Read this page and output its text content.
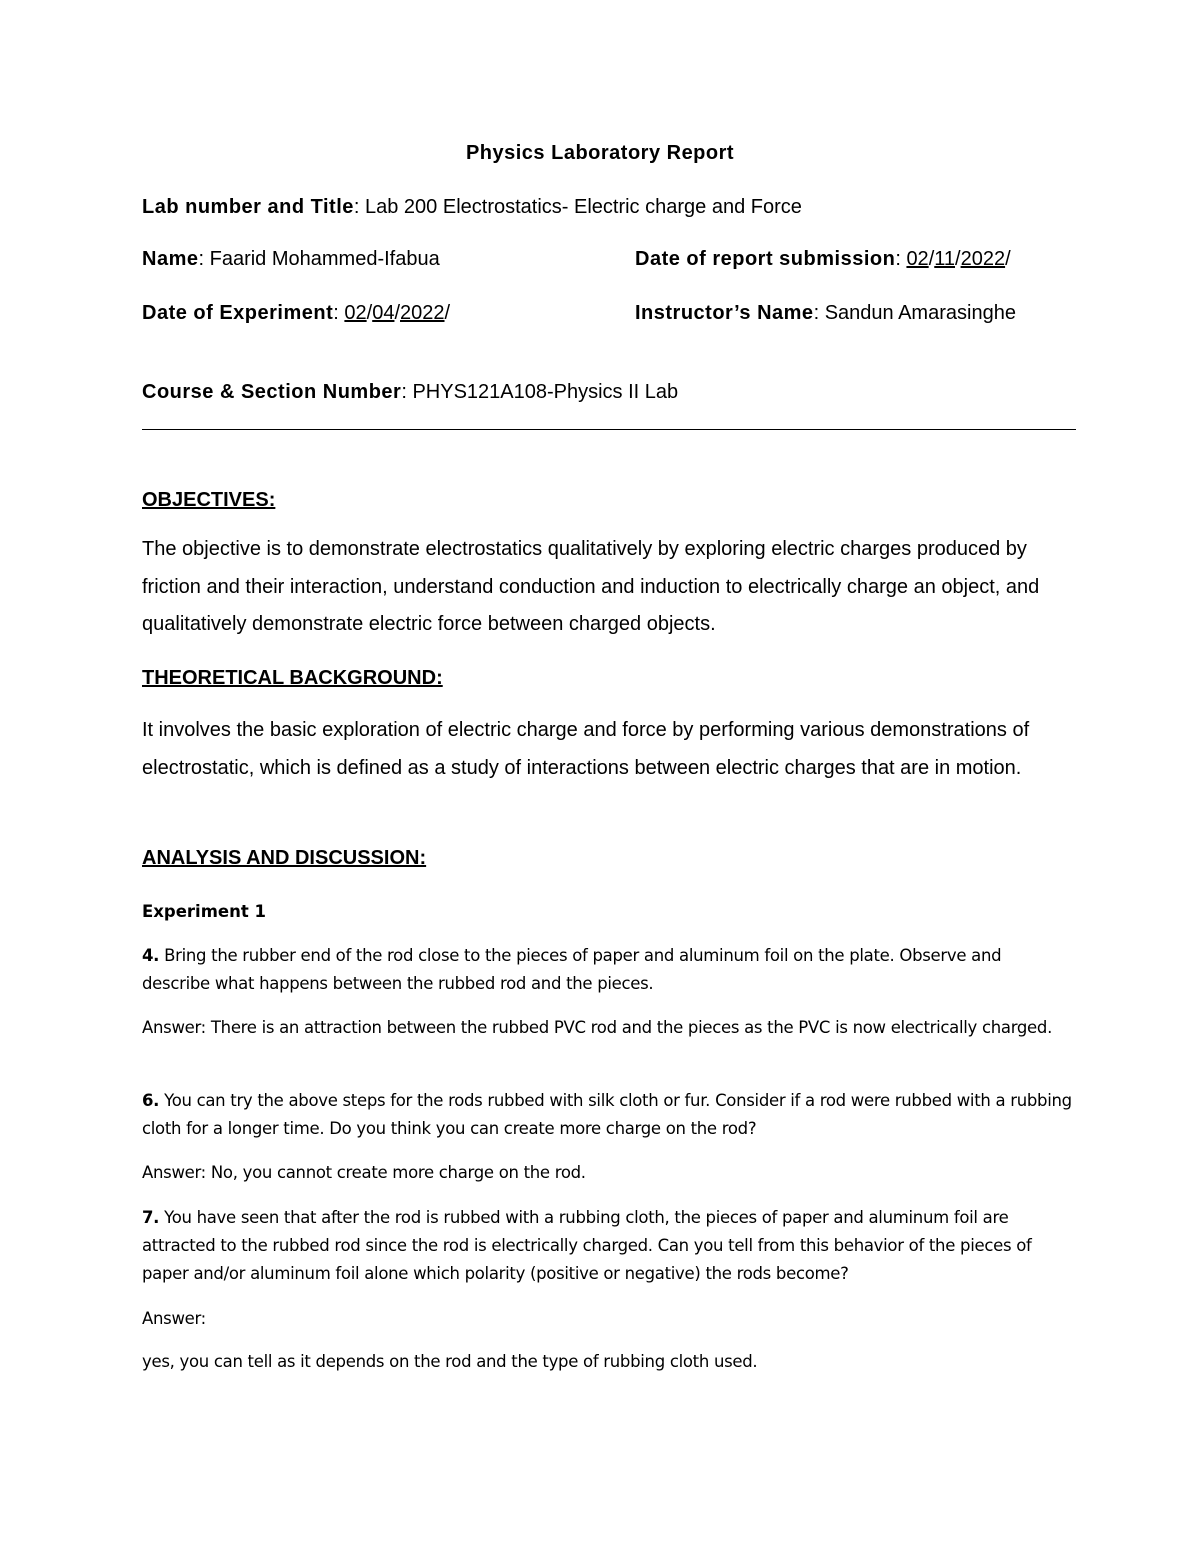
Physics Laboratory Report
Lab number and Title: Lab 200 Electrostatics- Electric charge and Force
Name: Faarid Mohammed-Ifabua	Date of report submission: 02/11/2022/
Date of Experiment: 02/04/2022/	Instructor’s Name: Sandun Amarasinghe
Course & Section Number: PHYS121A108-Physics II Lab
OBJECTIVES:
The objective is to demonstrate electrostatics qualitatively by exploring electric charges produced by friction and their interaction, understand conduction and induction to electrically charge an object, and qualitatively demonstrate electric force between charged objects.
THEORETICAL BACKGROUND:
It involves the basic exploration of electric charge and force by performing various demonstrations of electrostatic, which is defined as a study of interactions between electric charges that are in motion.
ANALYSIS AND DISCUSSION:
Experiment 1
4. Bring the rubber end of the rod close to the pieces of paper and aluminum foil on the plate. Observe and describe what happens between the rubbed rod and the pieces.
Answer: There is an attraction between the rubbed PVC rod and the pieces as the PVC is now electrically charged.
6. You can try the above steps for the rods rubbed with silk cloth or fur. Consider if a rod were rubbed with a rubbing cloth for a longer time. Do you think you can create more charge on the rod?
Answer: No, you cannot create more charge on the rod.
7. You have seen that after the rod is rubbed with a rubbing cloth, the pieces of paper and aluminum foil are attracted to the rubbed rod since the rod is electrically charged. Can you tell from this behavior of the pieces of paper and/or aluminum foil alone which polarity (positive or negative) the rods become?
Answer:
yes, you can tell as it depends on the rod and the type of rubbing cloth used.
